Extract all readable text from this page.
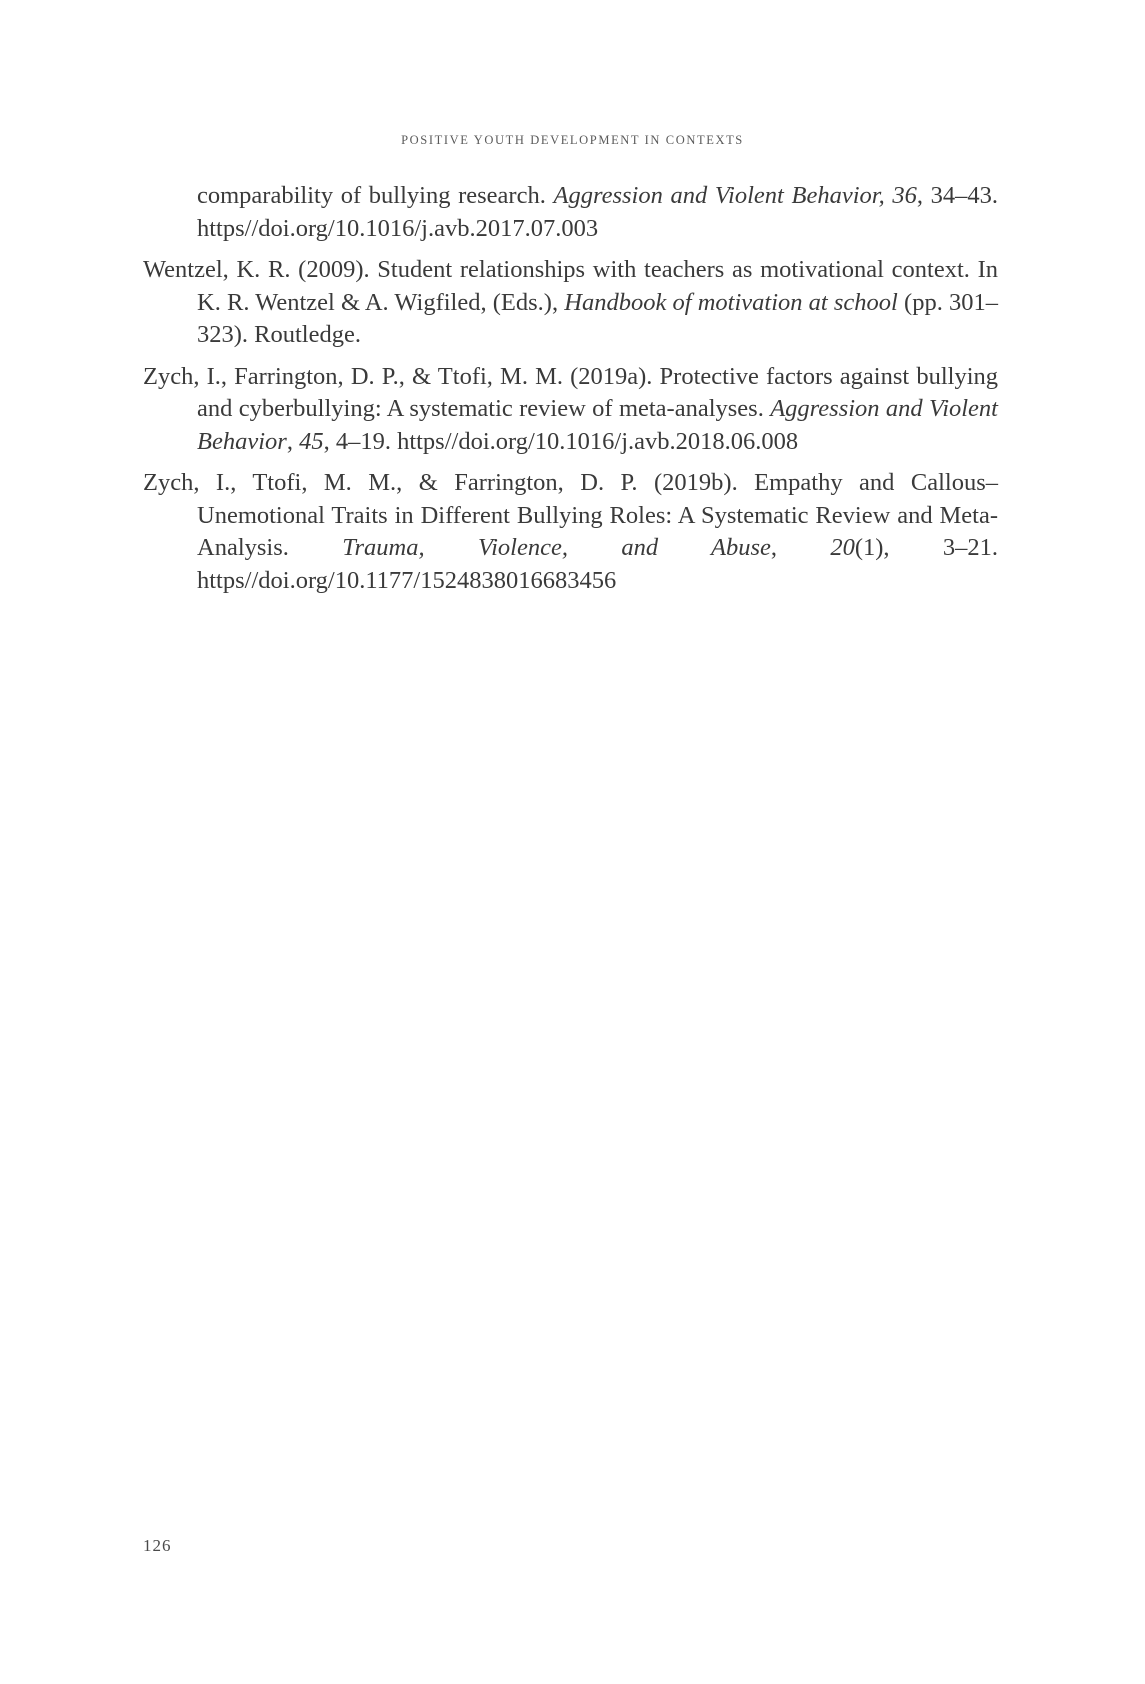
POSITIVE YOUTH DEVELOPMENT IN CONTEXTS

comparability of bullying research. Aggression and Violent Behavior, 36, 34–43. https//doi.org/10.1016/j.avb.2017.07.003

Wentzel, K. R. (2009). Student relationships with teachers as motivational context. In K. R. Wentzel & A. Wigfiled, (Eds.), Handbook of motivation at school (pp. 301–323). Routledge.

Zych, I., Farrington, D. P., & Ttofi, M. M. (2019a). Protective factors against bullying and cyberbullying: A systematic review of meta-analyses. Aggression and Violent Behavior, 45, 4–19. https//doi.org/10.1016/j.avb.2018.06.008

Zych, I., Ttofi, M. M., & Farrington, D. P. (2019b). Empathy and Callous–Unemotional Traits in Different Bullying Roles: A Systematic Review and Meta-Analysis. Trauma, Violence, and Abuse, 20(1), 3–21. https//doi.org/10.1177/1524838016683456

126
